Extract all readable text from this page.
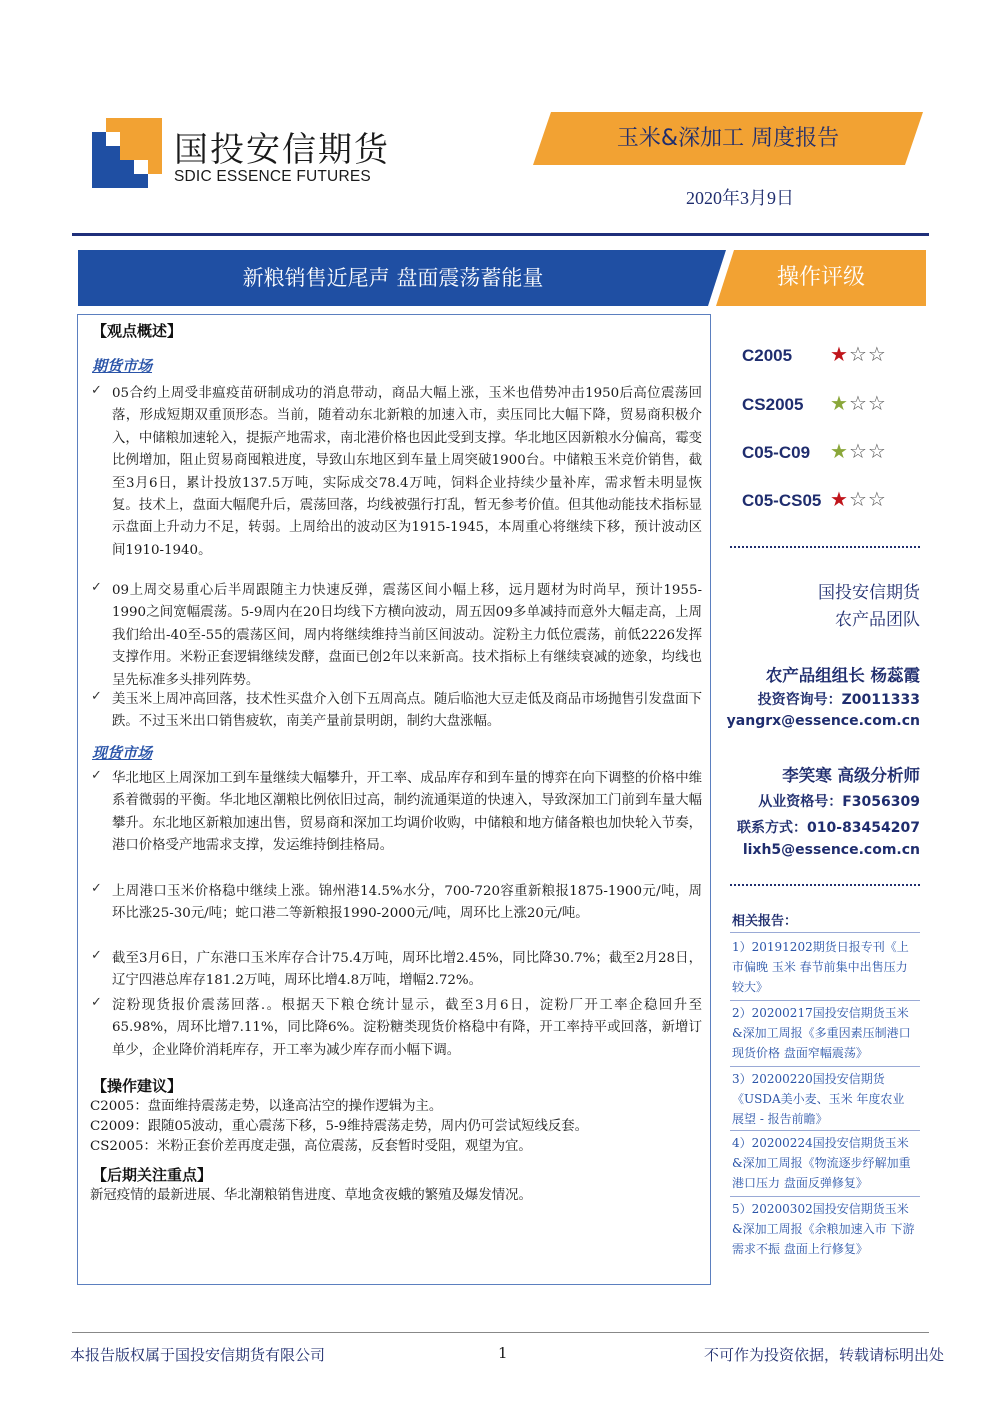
国投安信期货
SDIC ESSENCE FUTURES
玉米&深加工 周度报告
2020年3月9日
新粮销售近尾声 盘面震荡蓄能量	操作评级
【观点概述】
期货市场
✓ 05合约上周受非瘟疫苗研制成功的消息带动，商品大幅上涨，玉米也借势冲击1950后高位震荡回落，形成短期双重顶形态。当前，随着动东北新粮的加速入市，卖压同比大幅下降，贸易商积极介入，中储粮加速轮入，提振产地需求，南北港价格也因此受到支撑。华北地区因新粮水分偏高，霉变比例增加，阻止贸易商囤粮进度，导致山东地区到车量上周突破1900台。中储粮玉米竞价销售，截至3月6日，累计投放137.5万吨，实际成交78.4万吨，饲料企业持续少量补库，需求暂未明显恢复。技术上，盘面大幅爬升后，震荡回落，均线被强行打乱，暂无参考价值。但其他动能技术指标显示盘面上升动力不足，转弱。上周给出的波动区为1915-1945，本周重心将继续下移，预计波动区间1910-1940。
✓ 09上周交易重心后半周跟随主力快速反弹，震荡区间小幅上移，远月题材为时尚早，预计1955-1990之间宽幅震荡。5-9周内在20日均线下方横向波动，周五因09多单减持而意外大幅走高，上周我们给出-40至-55的震荡区间，周内将继续维持当前区间波动。淀粉主力低位震荡，前低2226发挥支撑作用。米粉正套逻辑继续发酵，盘面已创2年以来新高。技术指标上有继续衰减的迹象，均线也呈先标准多头排列阵势。
✓ 美玉米上周冲高回落，技术性买盘介入创下五周高点。随后临池大豆走低及商品市场抛售引发盘面下跌。不过玉米出口销售疲软，南美产量前景明朗，制约大盘涨幅。
现货市场
✓ 华北地区上周深加工到车量继续大幅攀升，开工率、成品库存和到车量的博弈在向下调整的价格中维系着微弱的平衡。华北地区潮粮比例依旧过高，制约流通渠道的快速入，导致深加工门前到车量大幅攀升。东北地区新粮加速出售，贸易商和深加工均调价收购，中储粮和地方储备粮也加快轮入节奏，港口价格受产地需求支撑，发运维持倒挂格局。
✓ 上周港口玉米价格稳中继续上涨。锦州港14.5%水分，700-720容重新粮报1875-1900元/吨，周环比涨25-30元/吨；蛇口港二等新粮报1990-2000元/吨，周环比上涨20元/吨。
✓ 截至3月6日，广东港口玉米库存合计75.4万吨，周环比增2.45%，同比降30.7%；截至2月28日，辽宁四港总库存181.2万吨，周环比增4.8万吨，增幅2.72%。
✓ 淀粉现货报价震荡回落.。根据天下粮仓统计显示，截至3月6日，淀粉厂开工率企稳回升至65.98%，周环比增7.11%，同比降6%。淀粉糖类现货价格稳中有降，开工率持平或回落，新增订单少，企业降价消耗库存，开工率为减少库存而小幅下调。
【操作建议】
C2005：盘面维持震荡走势，以逢高沽空的操作逻辑为主。
C2009：跟随05波动，重心震荡下移，5-9维持震荡走势，周内仍可尝试短线反套。
CS2005：米粉正套价差再度走强，高位震荡，反套暂时受阻，观望为宜。
【后期关注重点】
新冠疫情的最新进展、华北潮粮销售进度、草地贪夜蛾的繁殖及爆发情况。
C2005 ★☆☆
CS2005 ★☆☆
C05-C09 ★☆☆
C05-CS05 ★☆☆
国投安信期货
农产品团队
农产品组组长 杨蕊霞
投资咨询号：Z0011333
yangrx@essence.com.cn
李笑寒 高级分析师
从业资格号：F3056309
联系方式：010-83454207
lixh5@essence.com.cn
相关报告：
1）20191202期货日报专刊《上市偏晚 玉米 春节前集中出售压力较大》
2）20200217国投安信期货玉米&深加工周报《多重因素压制港口现货价格 盘面窄幅震荡》
3）20200220国投安信期货《USDA美小麦、玉米 年度农业展望 - 报告前瞻》
4）20200224国投安信期货玉米&深加工周报《物流逐步纾解加重港口压力 盘面反弹修复》
5）20200302国投安信期货玉米&深加工周报《余粮加速入市 下游需求不振 盘面上行修复》
本报告版权属于国投安信期货有限公司	1	不可作为投资依据，转载请标明出处
